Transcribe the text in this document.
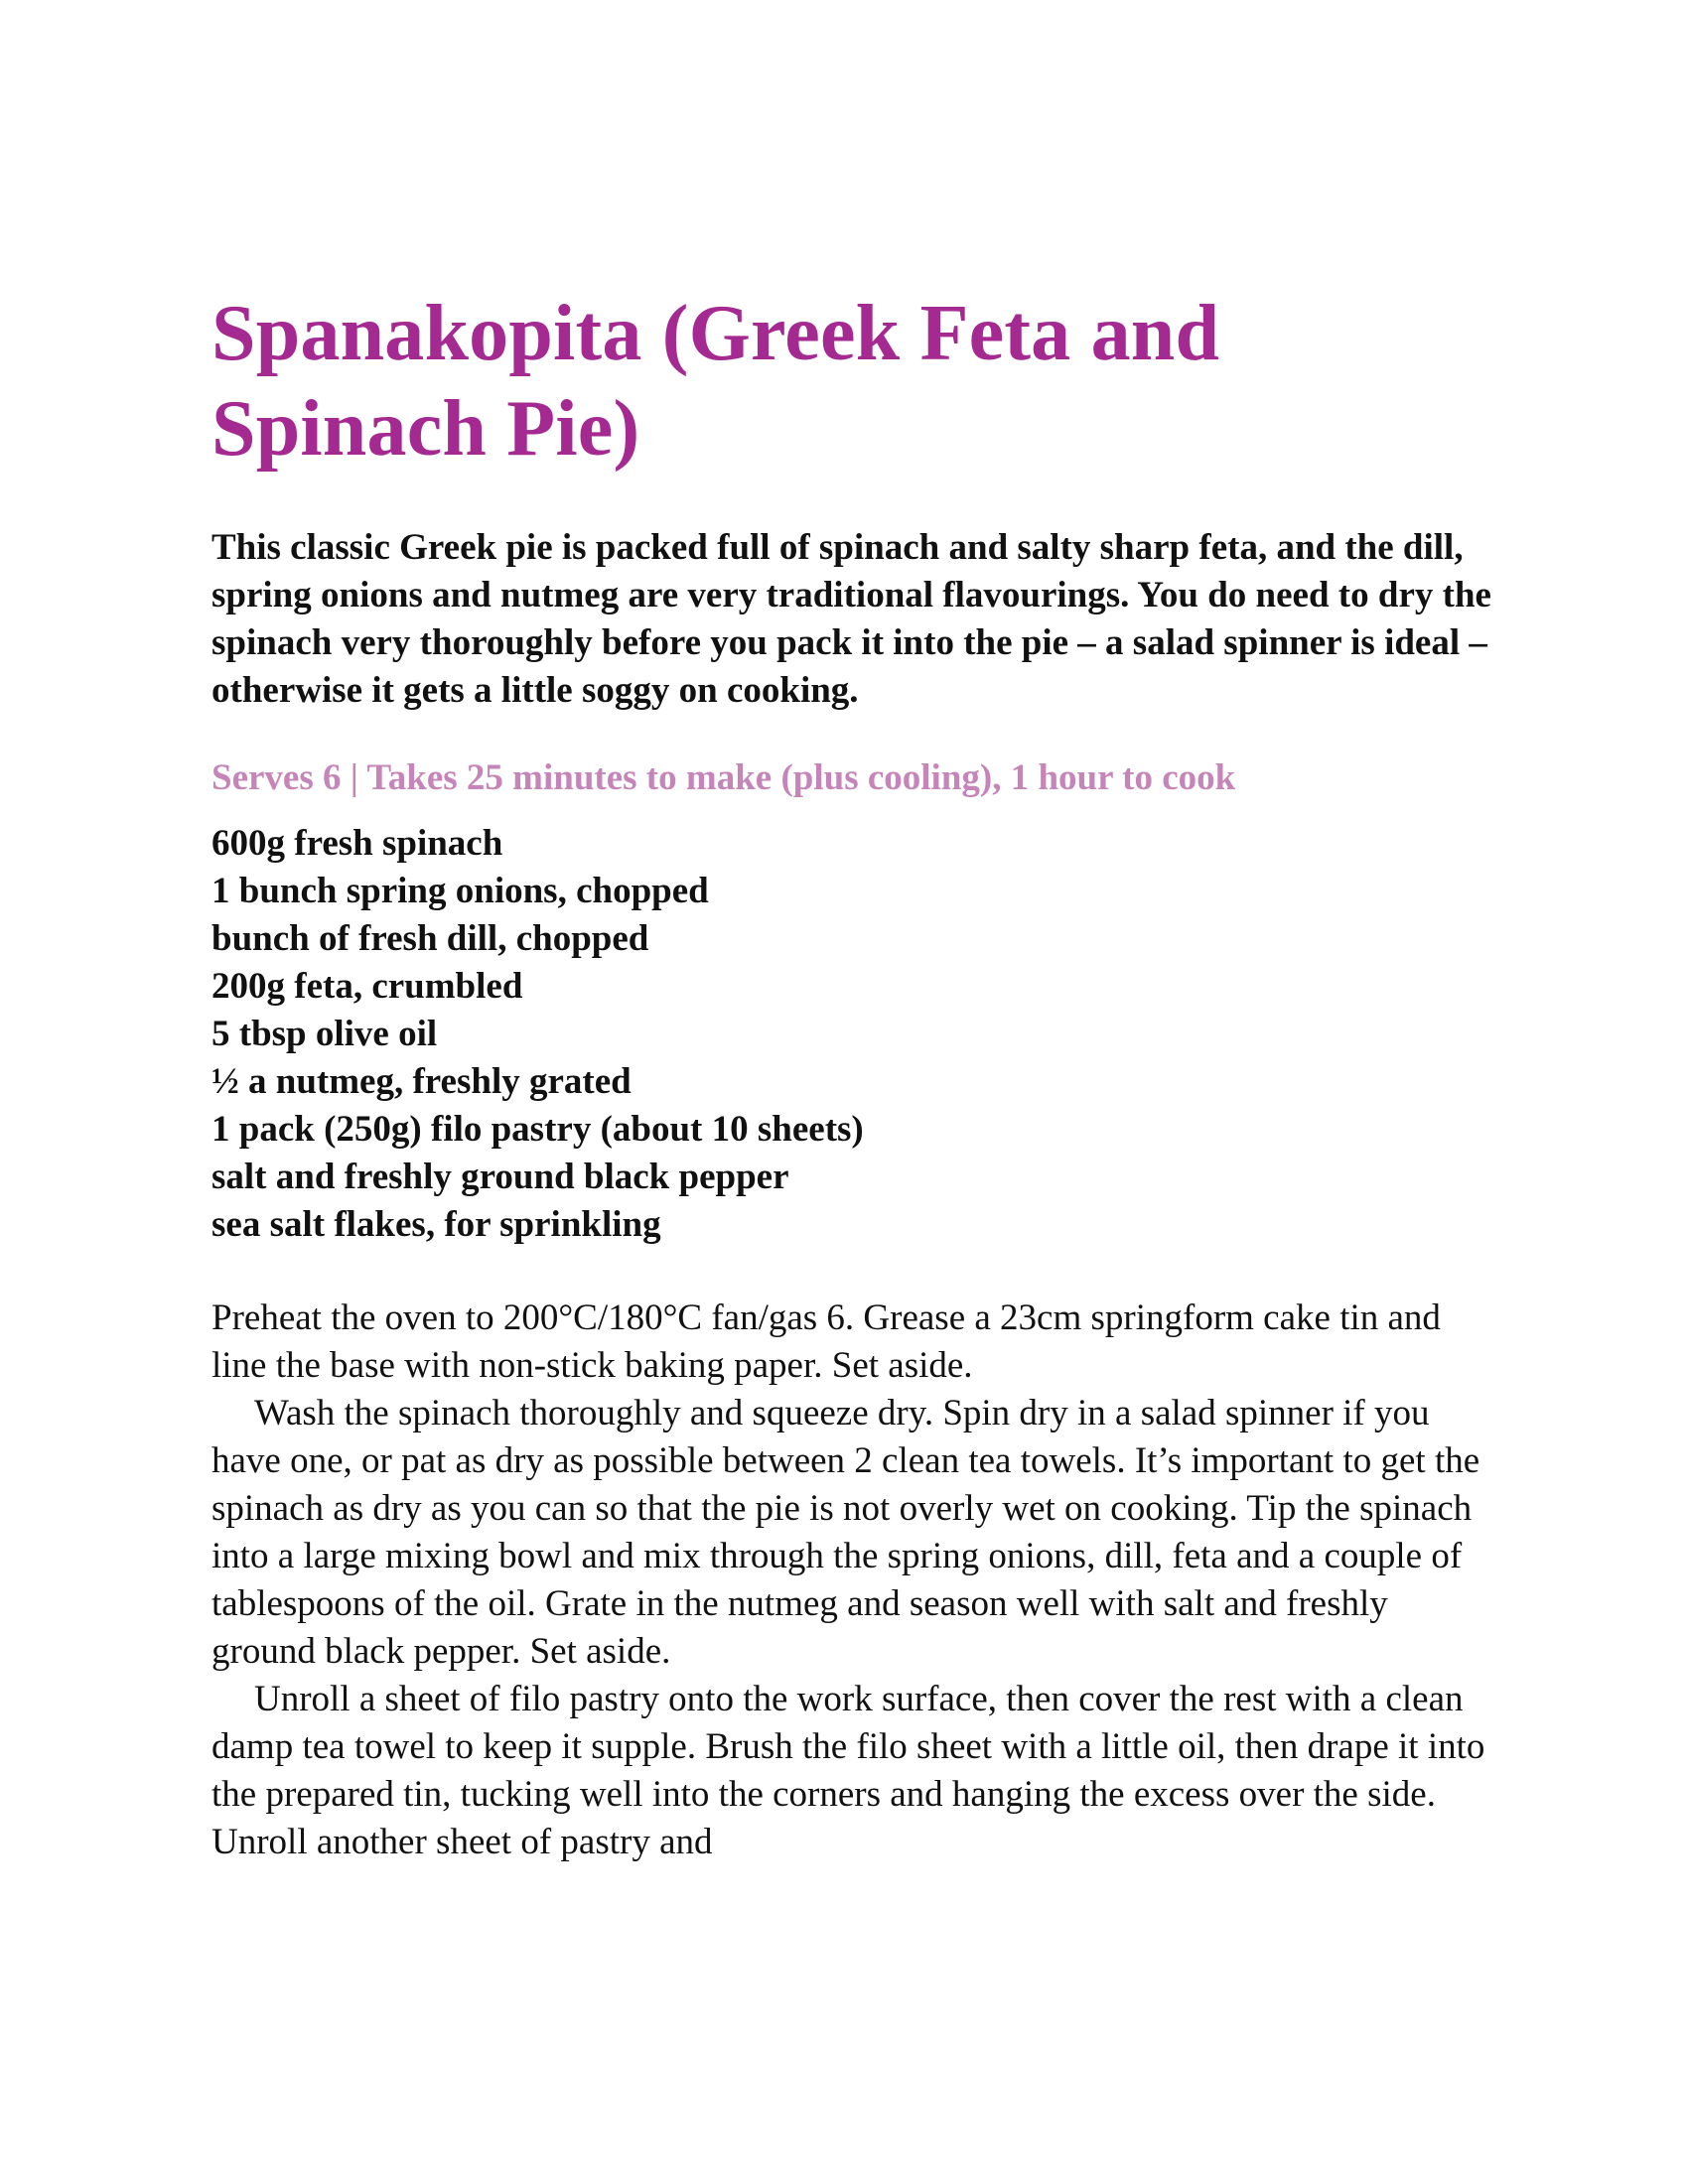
Spanakopita (Greek Feta and Spinach Pie)

This classic Greek pie is packed full of spinach and salty sharp feta, and the dill, spring onions and nutmeg are very traditional flavourings. You do need to dry the spinach very thoroughly before you pack it into the pie – a salad spinner is ideal – otherwise it gets a little soggy on cooking.

Serves 6 | Takes 25 minutes to make (plus cooling), 1 hour to cook

600g fresh spinach
1 bunch spring onions, chopped
bunch of fresh dill, chopped
200g feta, crumbled
5 tbsp olive oil
½ a nutmeg, freshly grated
1 pack (250g) filo pastry (about 10 sheets)
salt and freshly ground black pepper
sea salt flakes, for sprinkling

Preheat the oven to 200°C/180°C fan/gas 6. Grease a 23cm springform cake tin and line the base with non-stick baking paper. Set aside.

Wash the spinach thoroughly and squeeze dry. Spin dry in a salad spinner if you have one, or pat as dry as possible between 2 clean tea towels. It’s important to get the spinach as dry as you can so that the pie is not overly wet on cooking. Tip the spinach into a large mixing bowl and mix through the spring onions, dill, feta and a couple of tablespoons of the oil. Grate in the nutmeg and season well with salt and freshly ground black pepper. Set aside.

Unroll a sheet of filo pastry onto the work surface, then cover the rest with a clean damp tea towel to keep it supple. Brush the filo sheet with a little oil, then drape it into the prepared tin, tucking well into the corners and hanging the excess over the side. Unroll another sheet of pastry and
